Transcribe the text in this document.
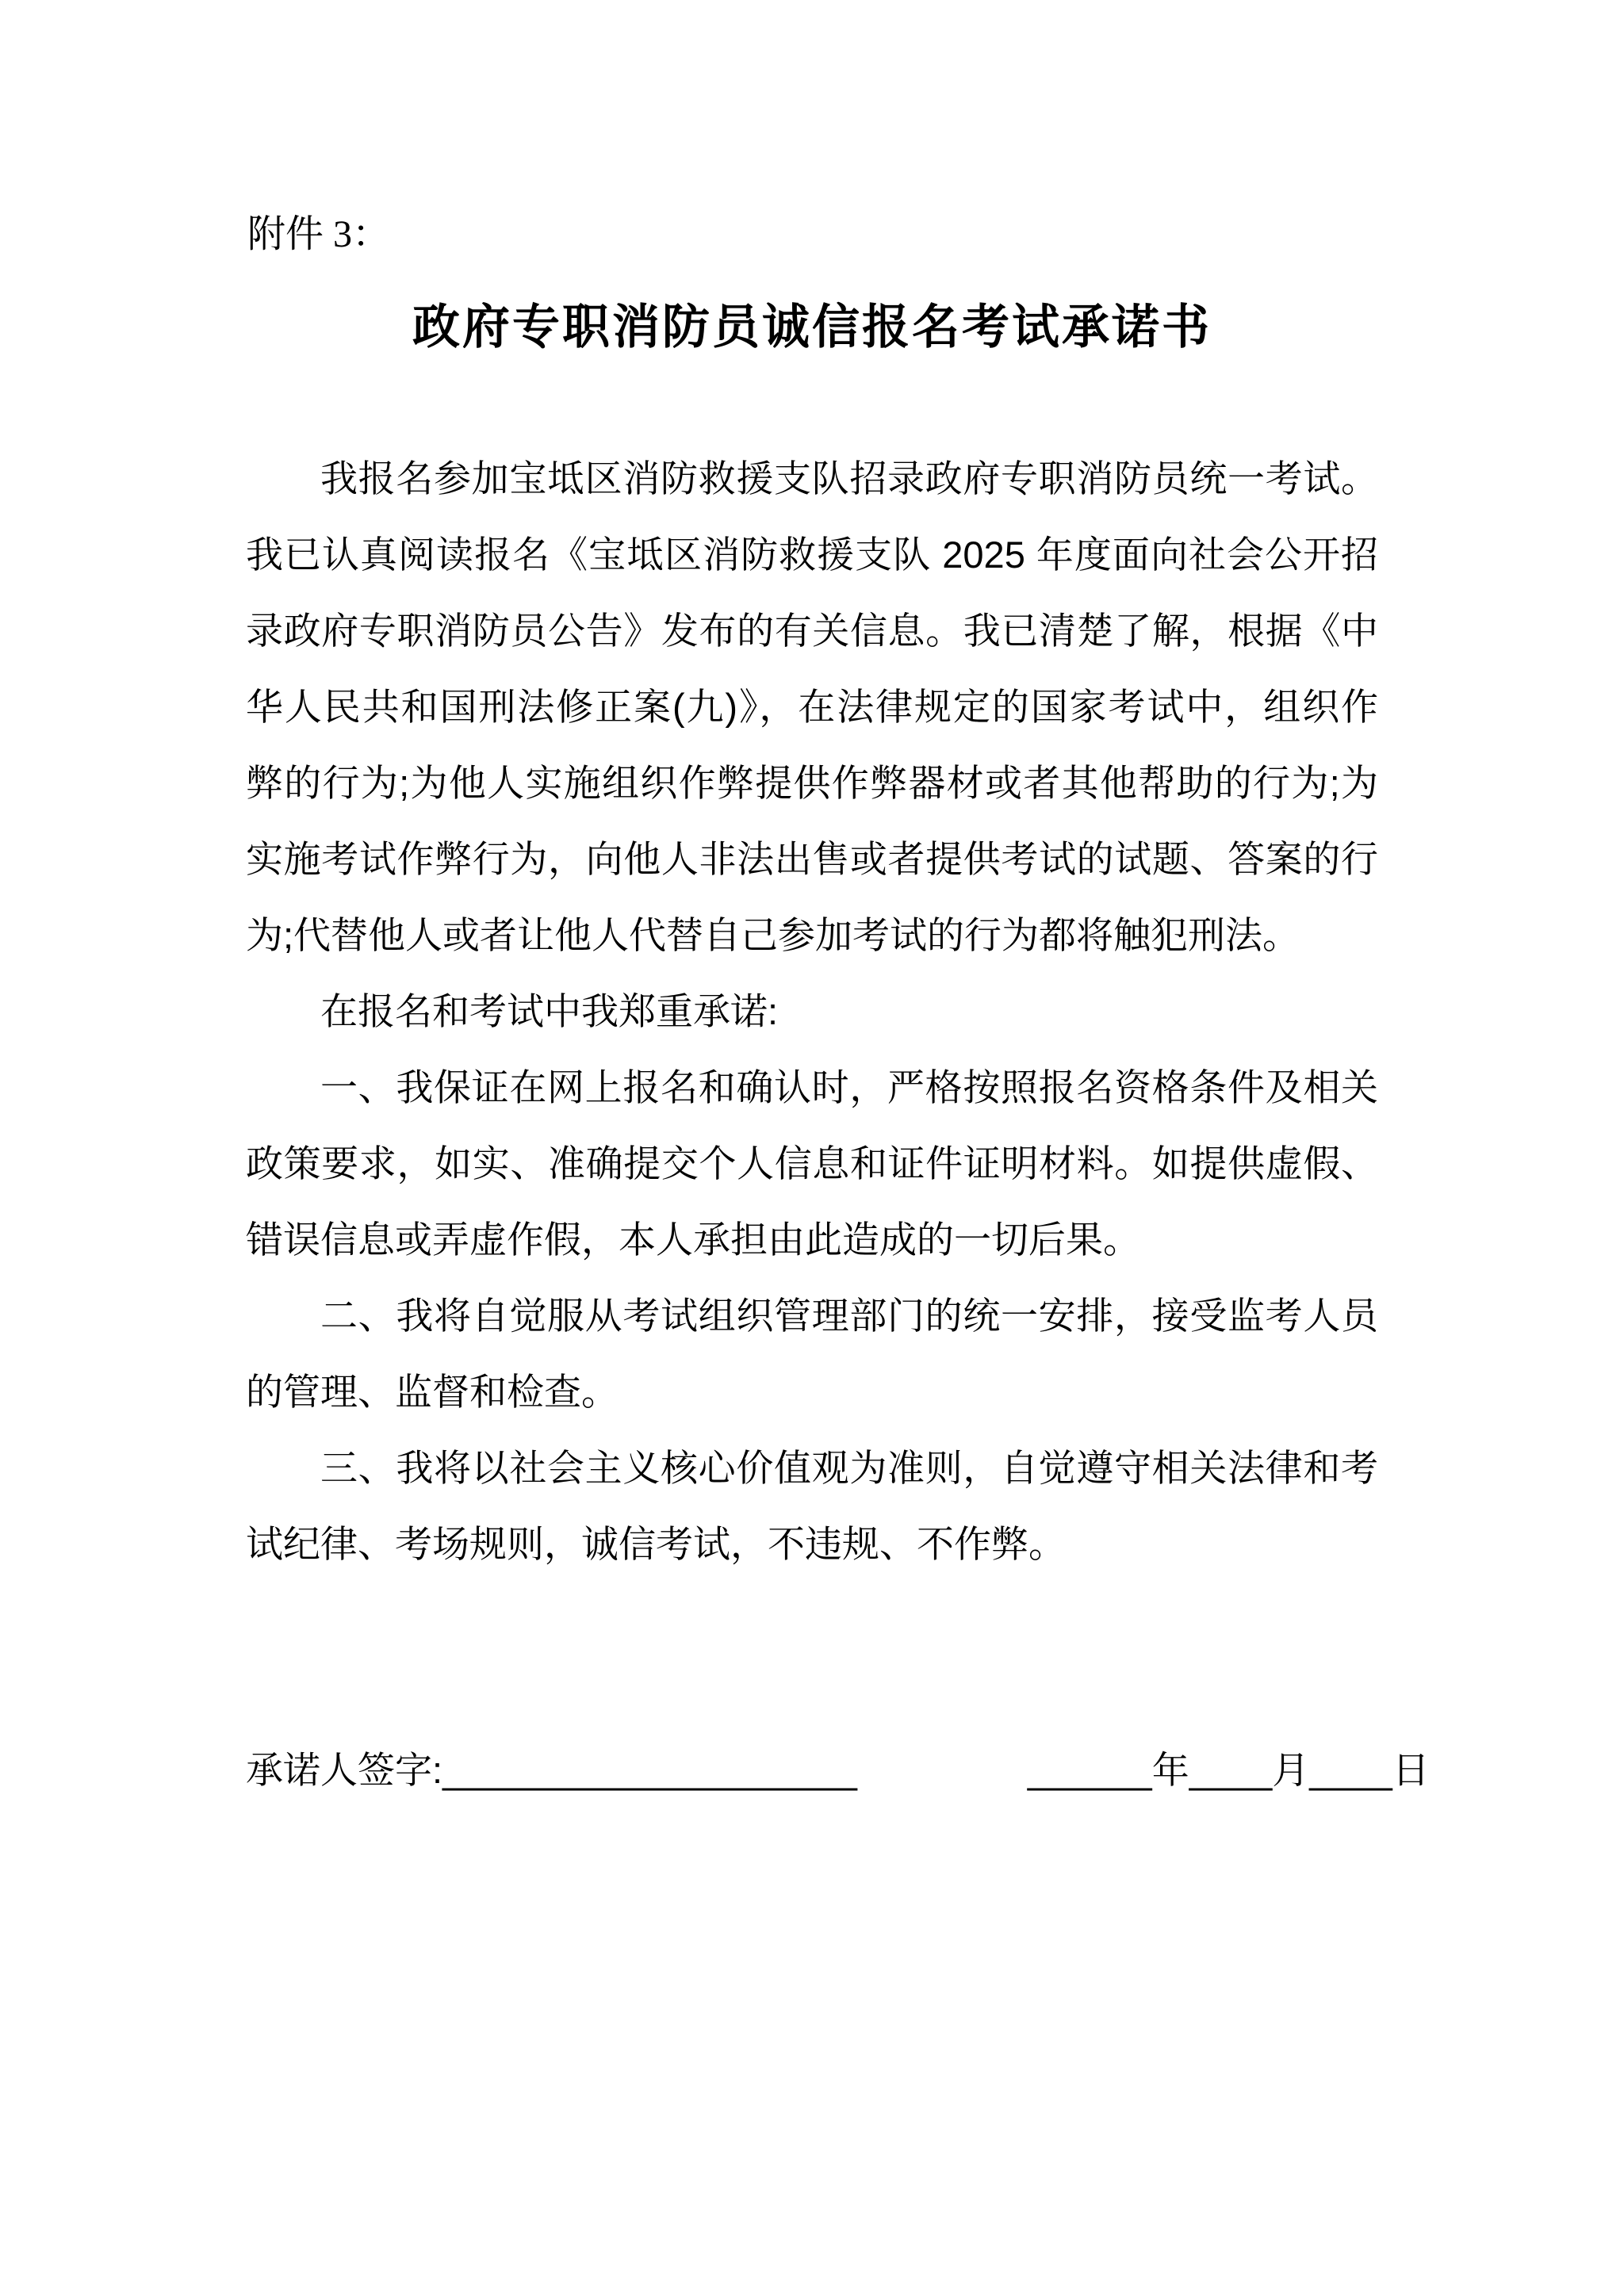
附件 3：
政府专职消防员诚信报名考试承诺书
我报名参加宝坻区消防救援支队招录政府专职消防员统一考试。
我已认真阅读报名《宝坻区消防救援支队 2025 年度面向社会公开招
录政府专职消防员公告》发布的有关信息。我已清楚了解，根据《中
华人民共和国刑法修正案(九)》，在法律规定的国家考试中，组织作
弊的行为;为他人实施组织作弊提供作弊器材或者其他帮助的行为;为
实施考试作弊行为，向他人非法出售或者提供考试的试题、答案的行
为;代替他人或者让他人代替自己参加考试的行为都将触犯刑法。
在报名和考试中我郑重承诺:
一、我保证在网上报名和确认时，严格按照报名资格条件及相关
政策要求，如实、准确提交个人信息和证件证明材料。如提供虚假、
错误信息或弄虚作假，本人承担由此造成的一切后果。
二、我将自觉服从考试组织管理部门的统一安排，接受监考人员
的管理、监督和检查。
三、我将以社会主义核心价值观为准则，自觉遵守相关法律和考
试纪律、考场规则，诚信考试，不违规、不作弊。
承诺人签字:____________________	______年____月____日
